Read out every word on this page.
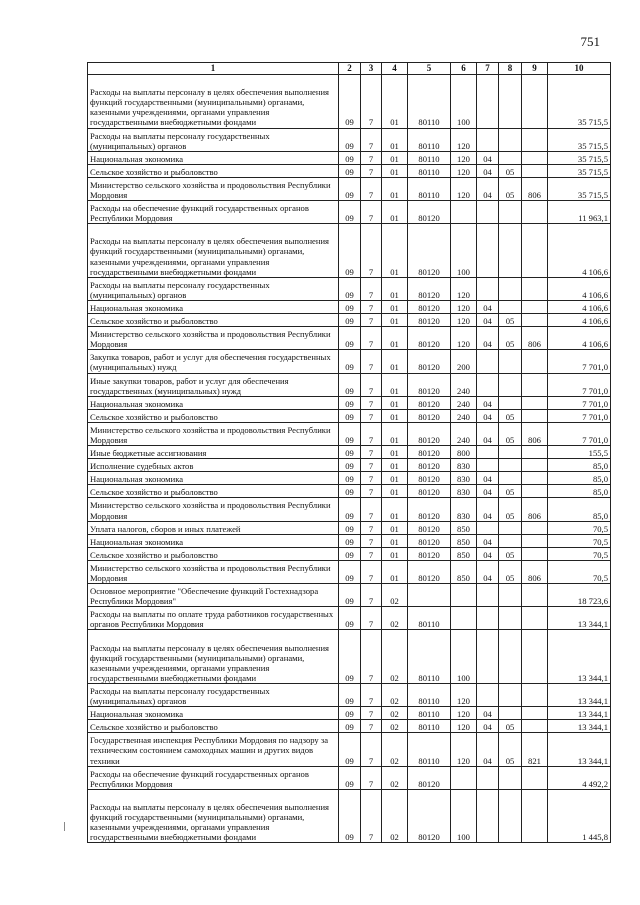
751
1	2	3	4	5	6	7	8	9	10
Расходы на выплаты персоналу в целях обеспечения выполнения функций государственными (муниципальными) органами, казенными учреждениями, органами управления государственными внебюджетными фондами	09	7	01	80110	100				35 715,5
Расходы на выплаты персоналу государственных (муниципальных) органов	09	7	01	80110	120				35 715,5
Национальная экономика	09	7	01	80110	120	04			35 715,5
Сельское хозяйство и рыболовство	09	7	01	80110	120	04	05		35 715,5
Министерство сельского хозяйства и продовольствия Республики Мордовия	09	7	01	80110	120	04	05	806	35 715,5
Расходы на обеспечение функций государственных органов Республики Мордовия	09	7	01	80120					11 963,1
Расходы на выплаты персоналу в целях обеспечения выполнения функций государственными (муниципальными) органами, казенными учреждениями, органами управления государственными внебюджетными фондами	09	7	01	80120	100				4 106,6
Расходы на выплаты персоналу государственных (муниципальных) органов	09	7	01	80120	120				4 106,6
Национальная экономика	09	7	01	80120	120	04			4 106,6
Сельское хозяйство и рыболовство	09	7	01	80120	120	04	05		4 106,6
Министерство сельского хозяйства и продовольствия Республики Мордовия	09	7	01	80120	120	04	05	806	4 106,6
Закупка товаров, работ и услуг для обеспечения государственных (муниципальных) нужд	09	7	01	80120	200				7 701,0
Иные закупки товаров, работ и услуг для обеспечения государственных (муниципальных) нужд	09	7	01	80120	240				7 701,0
Национальная экономика	09	7	01	80120	240	04			7 701,0
Сельское хозяйство и рыболовство	09	7	01	80120	240	04	05		7 701,0
Министерство сельского хозяйства и продовольствия Республики Мордовия	09	7	01	80120	240	04	05	806	7 701,0
Иные бюджетные ассигнования	09	7	01	80120	800				155,5
Исполнение судебных актов	09	7	01	80120	830				85,0
Национальная экономика	09	7	01	80120	830	04			85,0
Сельское хозяйство и рыболовство	09	7	01	80120	830	04	05		85,0
Министерство сельского хозяйства и продовольствия Республики Мордовия	09	7	01	80120	830	04	05	806	85,0
Уплата налогов, сборов и иных платежей	09	7	01	80120	850				70,5
Национальная экономика	09	7	01	80120	850	04			70,5
Сельское хозяйство и рыболовство	09	7	01	80120	850	04	05		70,5
Министерство сельского хозяйства и продовольствия Республики Мордовия	09	7	01	80120	850	04	05	806	70,5
Основное мероприятие "Обеспечение функций Гостехнадзора Республики Мордовия"	09	7	02						18 723,6
Расходы на выплаты по оплате труда работников государственных органов Республики Мордовия	09	7	02	80110					13 344,1
Расходы на выплаты персоналу в целях обеспечения выполнения функций государственными (муниципальными) органами, казенными учреждениями, органами управления государственными внебюджетными фондами	09	7	02	80110	100				13 344,1
Расходы на выплаты персоналу государственных (муниципальных) органов	09	7	02	80110	120				13 344,1
Национальная экономика	09	7	02	80110	120	04			13 344,1
Сельское хозяйство и рыболовство	09	7	02	80110	120	04	05		13 344,1
Государственная инспекция Республики Мордовия по надзору за техническим состоянием самоходных машин и других видов техники	09	7	02	80110	120	04	05	821	13 344,1
Расходы на обеспечение функций государственных органов Республики Мордовия	09	7	02	80120					4 492,2
Расходы на выплаты персоналу в целях обеспечения выполнения функций государственными (муниципальными) органами, казенными учреждениями, органами управления государственными внебюджетными фондами	09	7	02	80120	100				1 445,8
